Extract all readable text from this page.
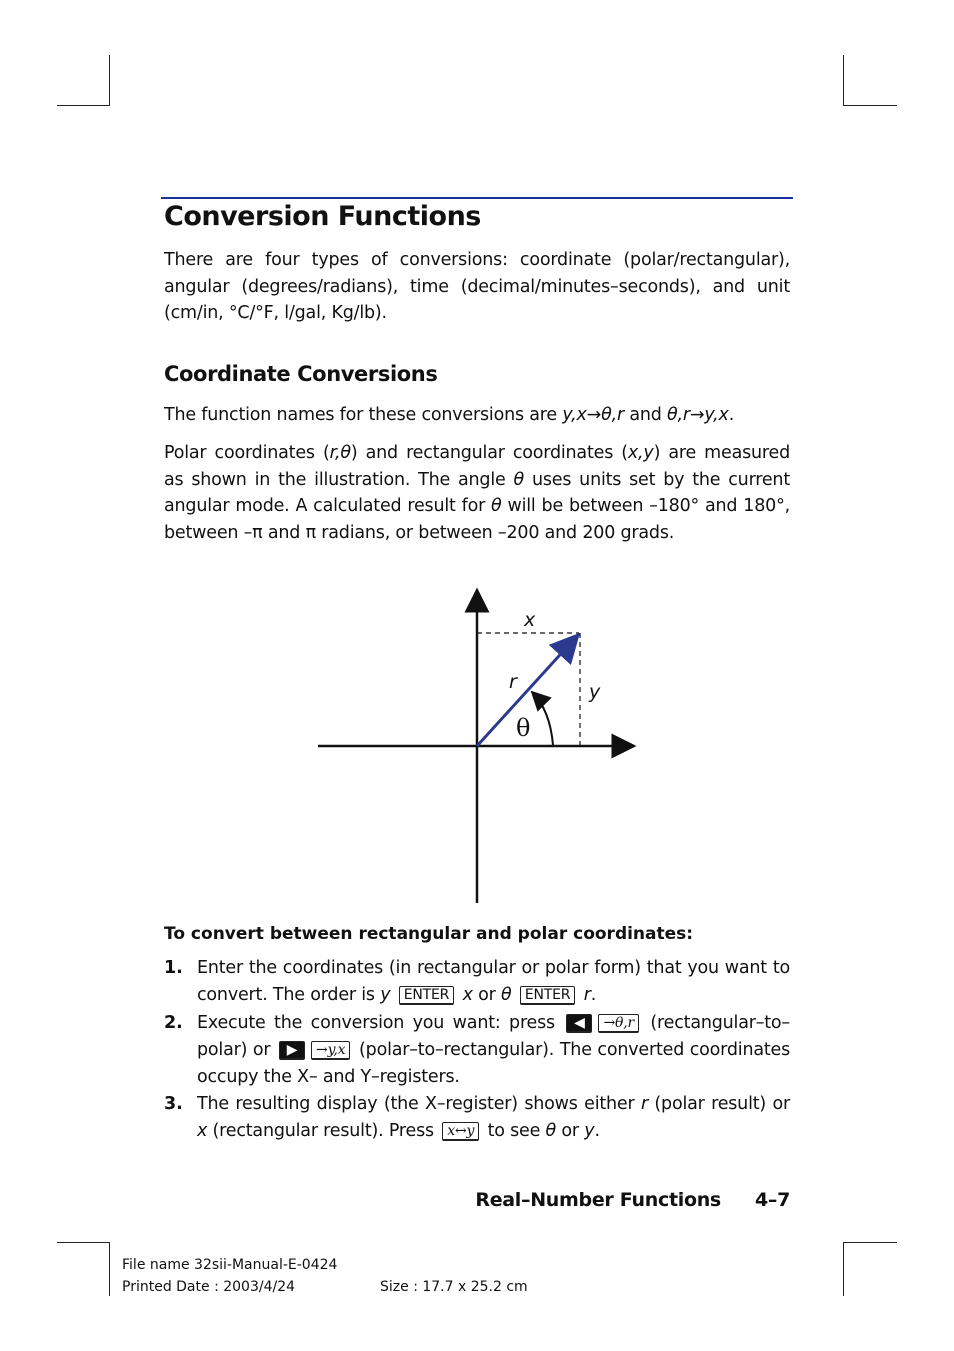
Conversion Functions
There are four types of conversions: coordinate (polar/rectangular), angular (degrees/radians), time (decimal/minutes–seconds), and unit (cm/in, °C/°F, l/gal, Kg/lb).
Coordinate Conversions
The function names for these conversions are y,x→θ,r and θ,r→y,x.
Polar coordinates (r,θ) and rectangular coordinates (x,y) are measured as shown in the illustration. The angle θ uses units set by the current angular mode. A calculated result for θ will be between –180° and 180°, between –π and π radians, or between –200 and 200 grads.
x
y
r
θ
To convert between rectangular and polar coordinates:
1. Enter the coordinates (in rectangular or polar form) that you want to convert. The order is y ENTER x or θ ENTER r.
2. Execute the conversion you want: press ◀ →θ,r (rectangular–to–polar) or ▶ →y,x (polar–to–rectangular). The converted coordinates occupy the X– and Y–registers.
3. The resulting display (the X–register) shows either r (polar result) or x (rectangular result). Press x↔y to see θ or y.
Real–Number Functions 4–7
File name 32sii-Manual-E-0424
Printed Date : 2003/4/24	Size : 17.7 x 25.2 cm
